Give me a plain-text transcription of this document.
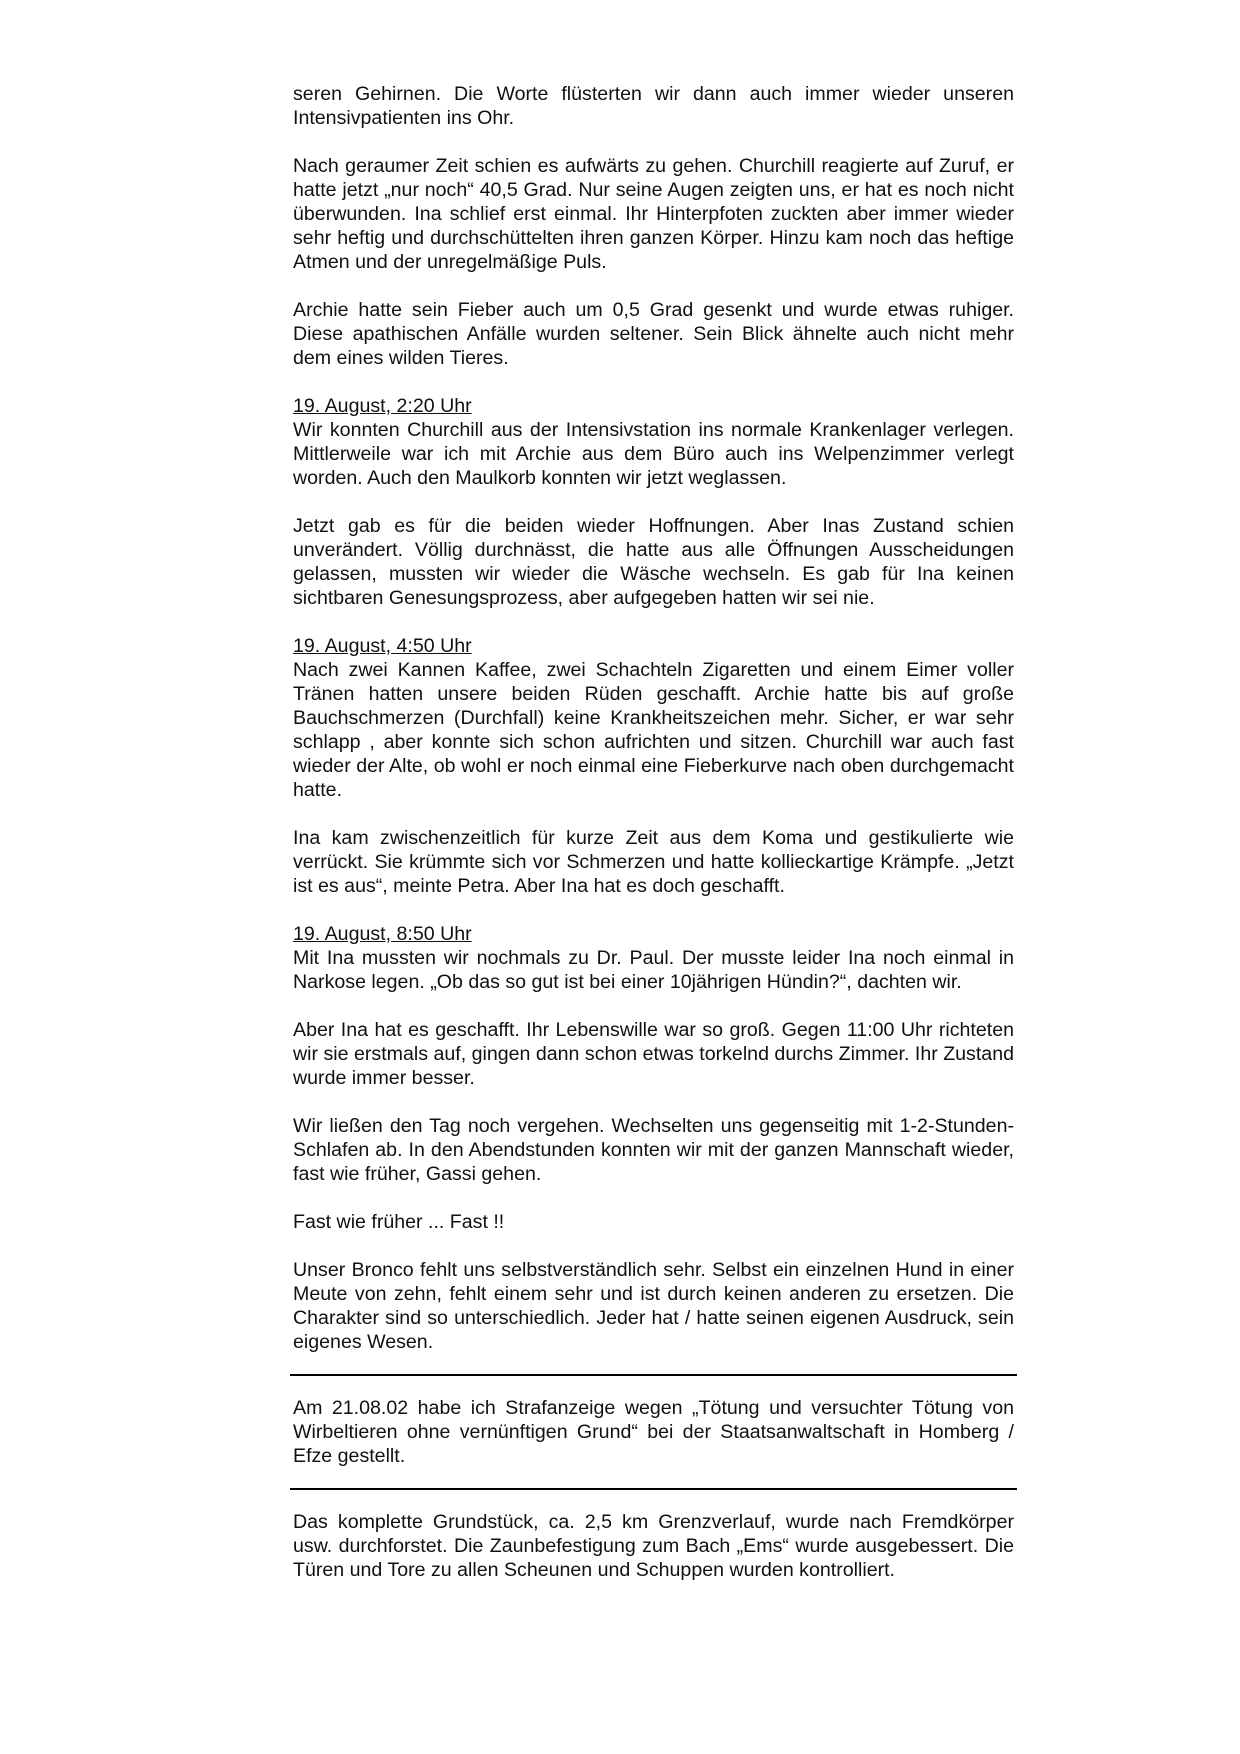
seren Gehirnen. Die Worte flüsterten wir dann auch immer wieder unseren Intensivpatienten ins Ohr.

Nach geraumer Zeit schien es aufwärts zu gehen. Churchill reagierte auf Zuruf, er hatte jetzt „nur noch“ 40,5 Grad. Nur seine Augen zeigten uns, er hat es noch nicht überwunden. Ina schlief erst einmal. Ihr Hinterpfoten zuckten aber immer wieder sehr heftig und durchschüttelten ihren ganzen Körper. Hinzu kam noch das heftige Atmen und der unregelmäßige Puls.

Archie hatte sein Fieber auch um 0,5 Grad gesenkt und wurde etwas ruhiger. Diese apathischen Anfälle wurden seltener. Sein Blick ähnelte auch nicht mehr dem eines wilden Tieres.

19. August, 2:20 Uhr
Wir konnten Churchill aus der Intensivstation ins normale Krankenlager verlegen. Mittlerweile war ich mit Archie aus dem Büro auch ins Welpenzimmer verlegt worden. Auch den Maulkorb konnten wir jetzt weglassen.

Jetzt gab es für die beiden wieder Hoffnungen. Aber Inas Zustand schien unverändert. Völlig durchnässt, die hatte aus alle Öffnungen Ausscheidungen gelassen, mussten wir wieder die Wäsche wechseln. Es gab für Ina keinen sichtbaren Genesungsprozess, aber aufgegeben hatten wir sei nie.

19. August, 4:50 Uhr
Nach zwei Kannen Kaffee, zwei Schachteln Zigaretten und einem Eimer voller Tränen hatten unsere beiden Rüden geschafft. Archie hatte bis auf große Bauchschmerzen (Durchfall) keine Krankheitszeichen mehr. Sicher, er war sehr schlapp , aber konnte sich schon aufrichten und sitzen. Churchill war auch fast wieder der Alte, ob wohl er noch einmal eine Fieberkurve nach oben durchgemacht hatte.

Ina kam zwischenzeitlich für kurze Zeit aus dem Koma und gestikulierte wie verrückt. Sie krümmte sich vor Schmerzen und hatte kollieckartige Krämpfe. „Jetzt ist es aus“, meinte Petra. Aber Ina hat es doch geschafft.

19. August, 8:50 Uhr
Mit Ina mussten wir nochmals zu Dr. Paul. Der musste leider Ina noch einmal in Narkose legen. „Ob das so gut ist bei einer 10jährigen Hündin?“, dachten wir.

Aber Ina hat es geschafft. Ihr Lebenswille war so groß. Gegen 11:00 Uhr richteten wir sie erstmals auf, gingen dann schon etwas torkelnd durchs Zimmer. Ihr Zustand wurde immer besser.

Wir ließen den Tag noch vergehen. Wechselten uns gegenseitig mit 1-2-Stunden-Schlafen ab. In den Abendstunden konnten wir mit der ganzen Mannschaft wieder, fast wie früher, Gassi gehen.

Fast wie früher ... Fast !!

Unser Bronco fehlt uns selbstverständlich sehr. Selbst ein einzelnen Hund in einer Meute von zehn, fehlt einem sehr und ist durch keinen anderen zu ersetzen. Die Charakter sind so unterschiedlich. Jeder hat / hatte seinen eigenen Ausdruck, sein eigenes Wesen.

Am 21.08.02 habe ich Strafanzeige wegen „Tötung und versuchter Tötung von Wirbeltieren ohne vernünftigen Grund“ bei der Staatsanwaltschaft in Homberg / Efze gestellt.

Das komplette Grundstück, ca. 2,5 km Grenzverlauf, wurde nach Fremdkörper usw. durchforstet. Die Zaunbefestigung zum Bach „Ems“ wurde ausgebessert. Die Türen und Tore zu allen Scheunen und Schuppen wurden kontrolliert.
